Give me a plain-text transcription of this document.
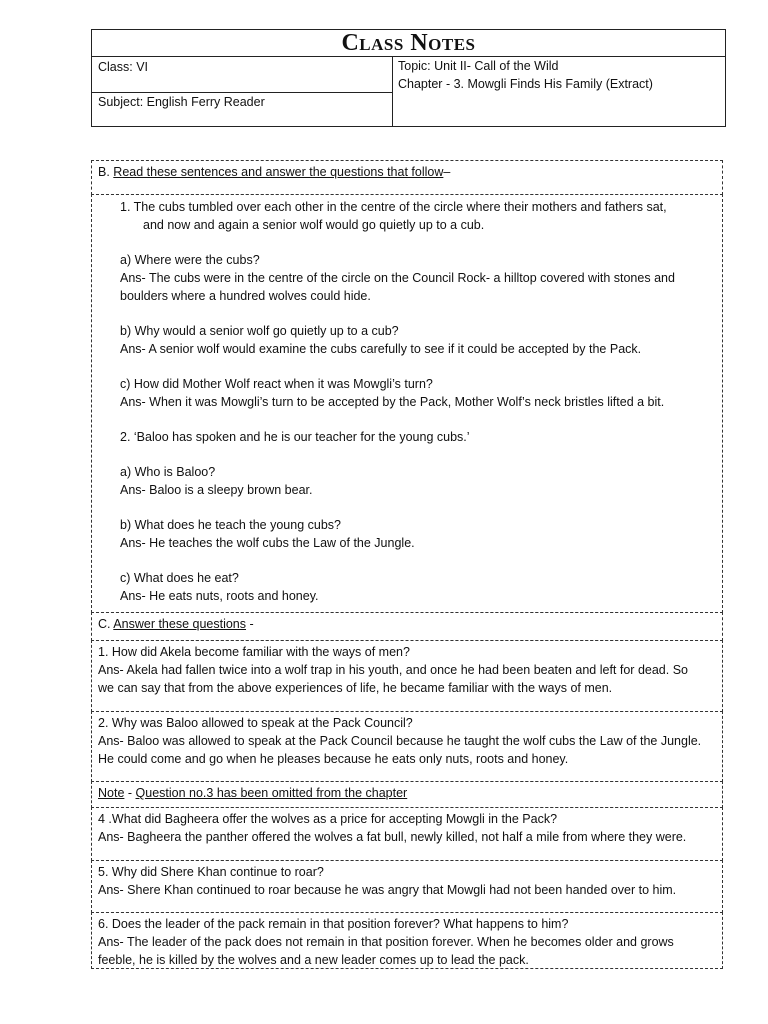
Class Notes
Class: VI
Subject: English Ferry Reader
Topic: Unit II- Call of the Wild
Chapter - 3. Mowgli Finds His Family (Extract)
B. Read these sentences and answer the questions that follow–
1. The cubs tumbled over each other in the centre of the circle where their mothers and fathers sat,
and now and again a senior wolf would go quietly up to a cub.
a) Where were the cubs?
Ans- The cubs were in the centre of the circle on the Council Rock- a hilltop covered with stones and
boulders where a hundred wolves could hide.
b) Why would a senior wolf go quietly up to a cub?
Ans- A senior wolf would examine the cubs carefully to see if it could be accepted by the Pack.
c) How did Mother Wolf react when it was Mowgli’s turn?
Ans- When it was Mowgli’s turn to be accepted by the Pack, Mother Wolf’s neck bristles lifted a bit.
2. ‘Baloo has spoken and he is our teacher for the young cubs.’
a) Who is Baloo?
Ans- Baloo is a sleepy brown bear.
b) What does he teach the young cubs?
Ans- He teaches the wolf cubs the Law of the Jungle.
c) What does he eat?
Ans- He eats nuts, roots and honey.
C. Answer these questions -
1. How did Akela become familiar with the ways of men?
Ans- Akela had fallen twice into a wolf trap in his youth, and once he had been beaten and left for dead. So
we can say that from the above experiences of life, he became familiar with the ways of men.
2. Why was Baloo allowed to speak at the Pack Council?
Ans- Baloo was allowed to speak at the Pack Council because he taught the wolf cubs the Law of the Jungle.
He could come and go when he pleases because he eats only nuts, roots and honey.
Note - Question no.3 has been omitted from the chapter
4 .What did Bagheera offer the wolves as a price for accepting Mowgli in the Pack?
Ans- Bagheera the panther offered the wolves a fat bull, newly killed, not half a mile from where they were.
5. Why did Shere Khan continue to roar?
Ans- Shere Khan continued to roar because he was angry that Mowgli had not been handed over to him.
6. Does the leader of the pack remain in that position forever? What happens to him?
Ans- The leader of the pack does not remain in that position forever. When he becomes older and grows
feeble, he is killed by the wolves and a new leader comes up to lead the pack.
